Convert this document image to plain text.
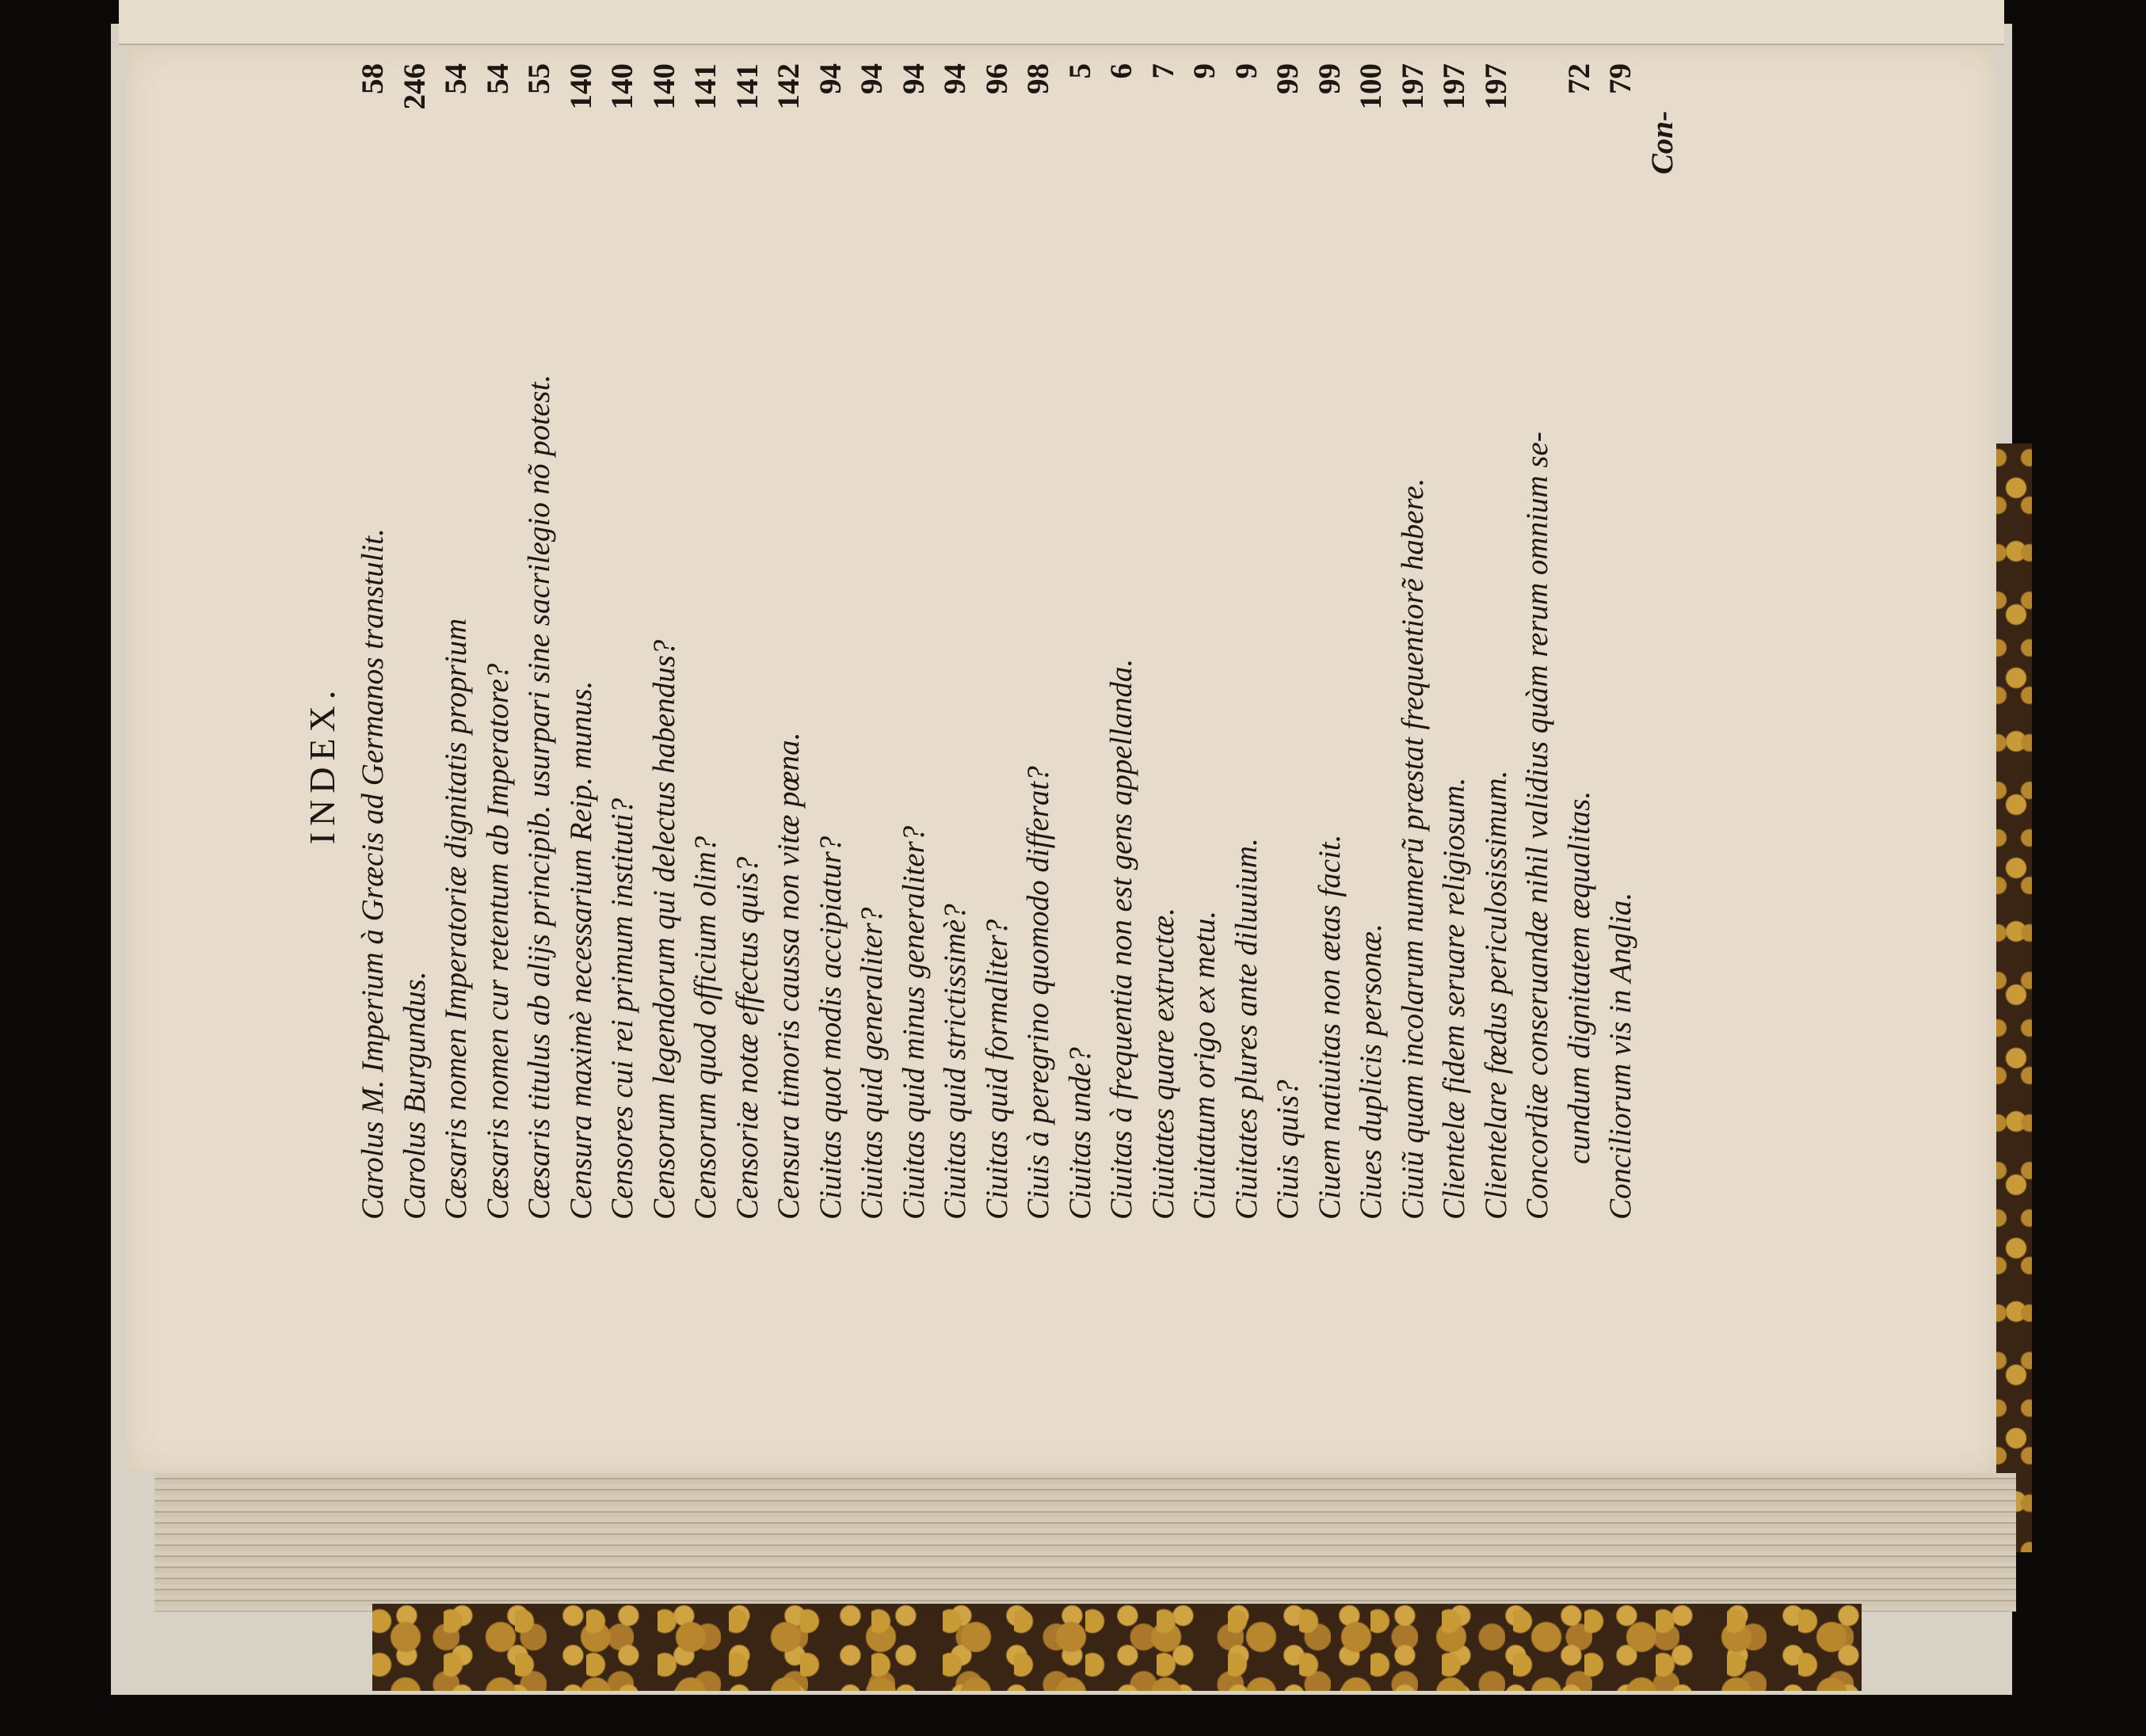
INDEX. Carolus M. Imperium à Græcis ad Germanos transtulit.
58
Carolus Burgundus.
246
Cæsaris nomen Imperatoriæ dignitatis proprium
54
Cæsaris nomen cur retentum ab Imperatore?
54
Cæsaris titulus ab alijs principib. usurpari sine sacrilegio nõ potest.
55
Censura maximè necessarium Reip. munus.
140
Censores cui rei primum instituti?
140
Censorum legendorum qui delectus habendus?
140
Censorum quod officium olim?
141
Censoriæ notæ effectus quis?
141
Censura timoris caussa non vitæ pœna.
142
Ciuitas quot modis accipiatur?
94
Ciuitas quid generaliter?
94
Ciuitas quid minus generaliter?
94
Ciuitas quid strictissimè?
94
Ciuitas quid formaliter?
96
Ciuis à peregrino quomodo differat?
98
Ciuitas unde?
5
Ciuitas à frequentia non est gens appellanda.
6
Ciuitates quare extructæ.
7
Ciuitatum origo ex metu.
9
Ciuitates plures ante diluuium.
9
Ciuis quis?
99
Ciuem natiuitas non ætas facit.
99
Ciues duplicis personæ.
100
Ciuiũ quam incolarum numerũ præstat frequentiorẽ habere.
197
Clientelæ fidem seruare religiosum.
197
Clientelare fœdus periculosissimum.
197
Concordiæ conseruandæ nihil validius quàm rerum omnium se- cundum dignitatem æqualitas.
72
Conciliorum vis in Anglia.
79
Con-
